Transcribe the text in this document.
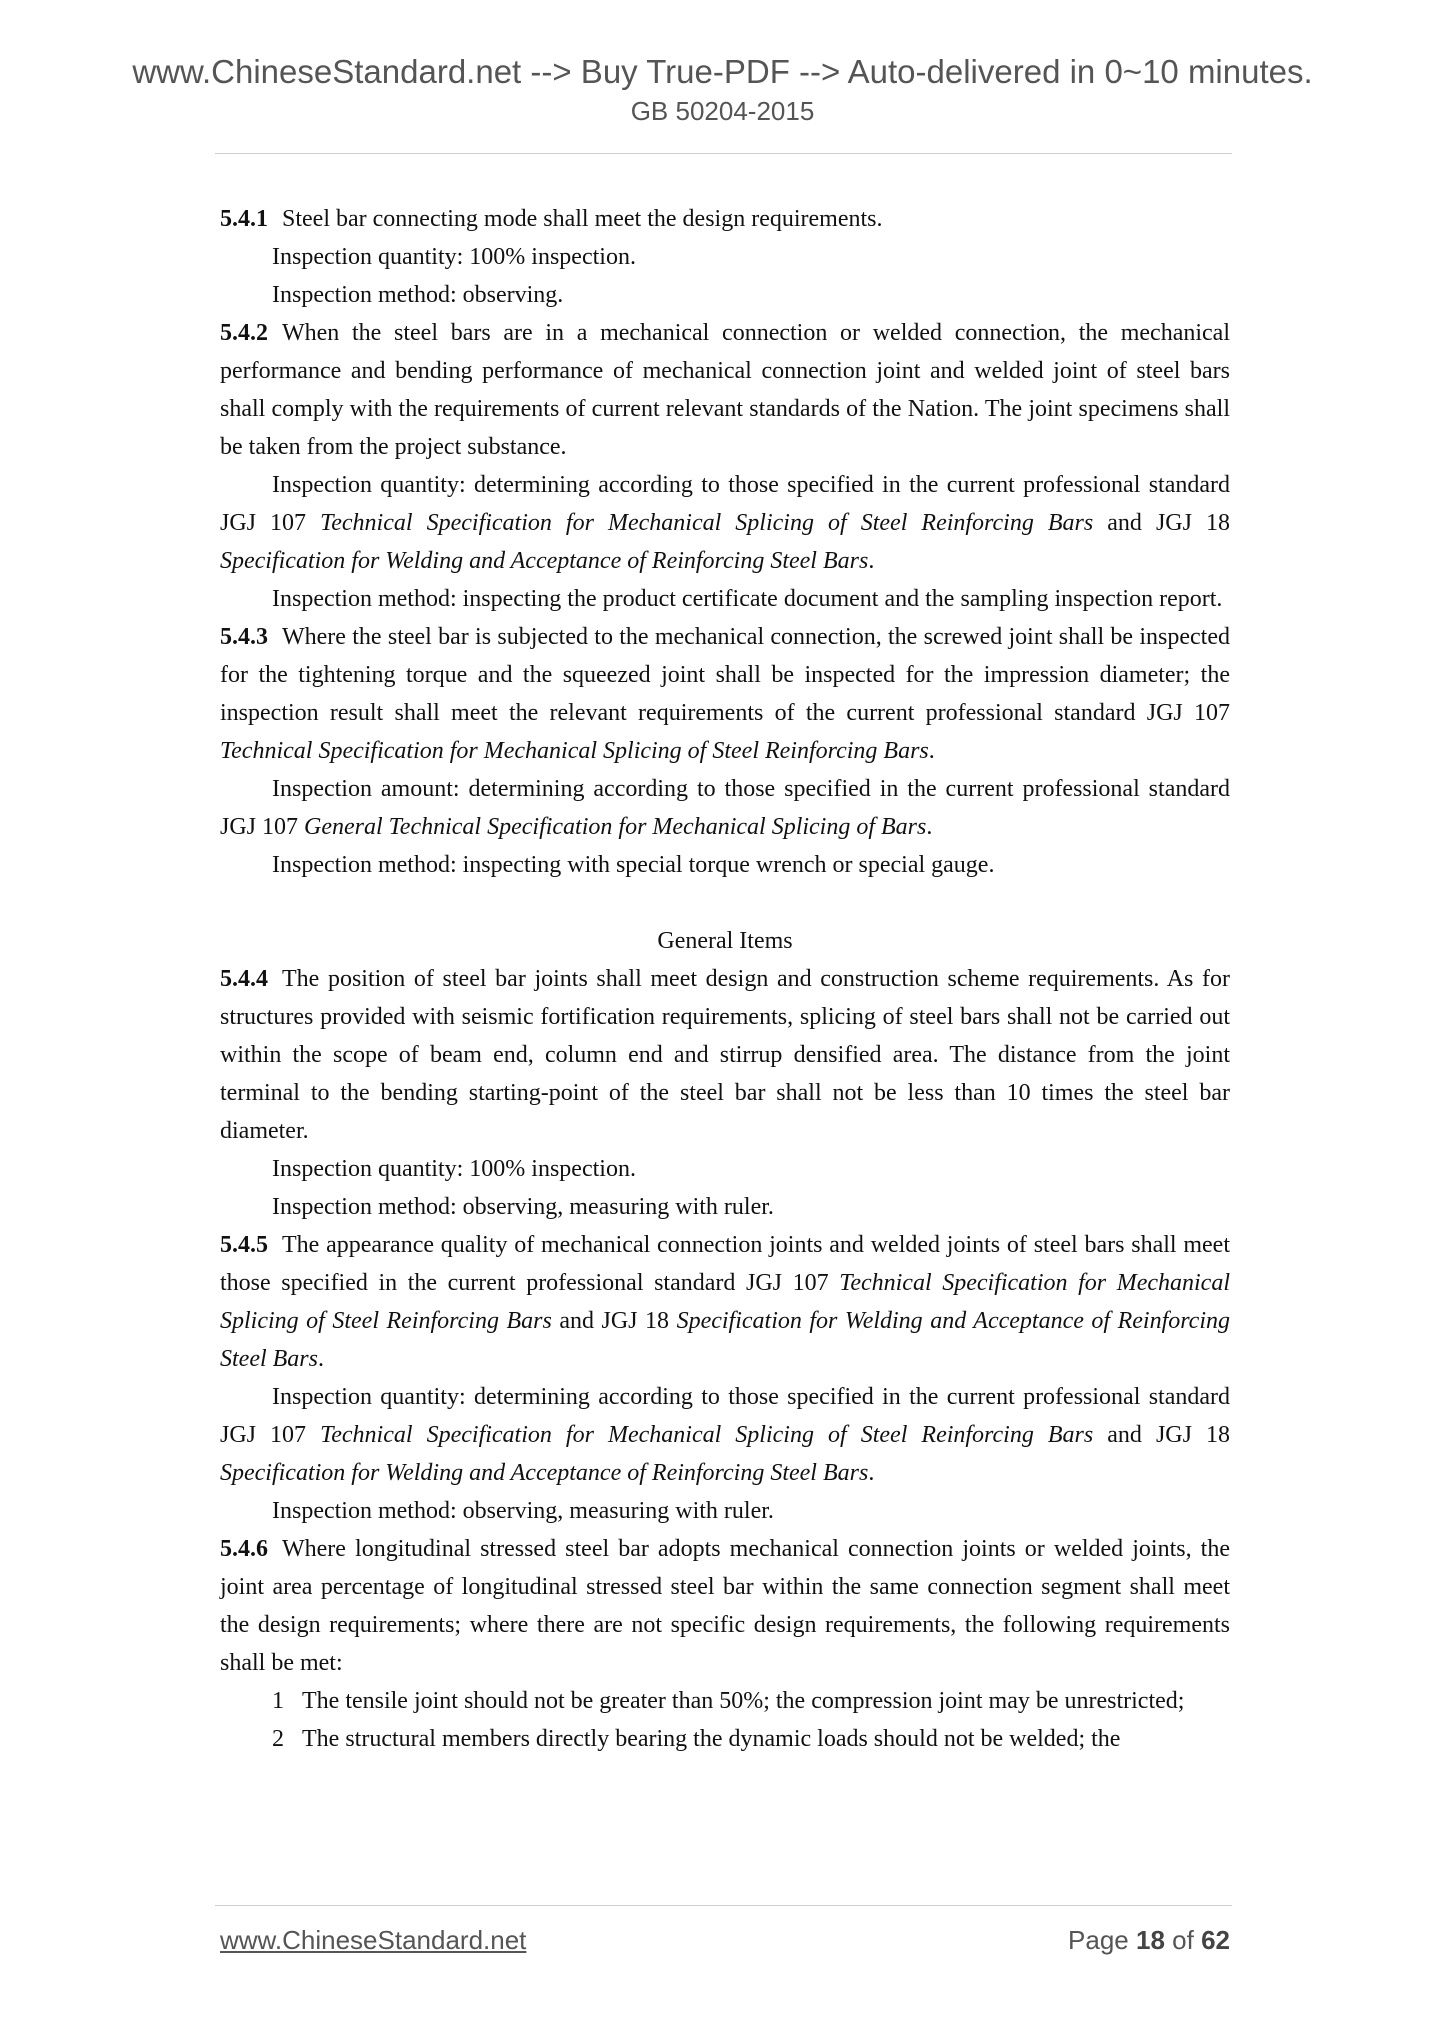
www.ChineseStandard.net --> Buy True-PDF --> Auto-delivered in 0~10 minutes.
GB 50204-2015

5.4.1 Steel bar connecting mode shall meet the design requirements.

Inspection quantity: 100% inspection.

Inspection method: observing.

5.4.2 When the steel bars are in a mechanical connection or welded connection, the mechanical performance and bending performance of mechanical connection joint and welded joint of steel bars shall comply with the requirements of current relevant standards of the Nation. The joint specimens shall be taken from the project substance.

Inspection quantity: determining according to those specified in the current professional standard JGJ 107 Technical Specification for Mechanical Splicing of Steel Reinforcing Bars and JGJ 18 Specification for Welding and Acceptance of Reinforcing Steel Bars.

Inspection method: inspecting the product certificate document and the sampling inspection report.

5.4.3 Where the steel bar is subjected to the mechanical connection, the screwed joint shall be inspected for the tightening torque and the squeezed joint shall be inspected for the impression diameter; the inspection result shall meet the relevant requirements of the current professional standard JGJ 107 Technical Specification for Mechanical Splicing of Steel Reinforcing Bars.

Inspection amount: determining according to those specified in the current professional standard JGJ 107 General Technical Specification for Mechanical Splicing of Bars.

Inspection method: inspecting with special torque wrench or special gauge.

General Items

5.4.4 The position of steel bar joints shall meet design and construction scheme requirements. As for structures provided with seismic fortification requirements, splicing of steel bars shall not be carried out within the scope of beam end, column end and stirrup densified area. The distance from the joint terminal to the bending starting-point of the steel bar shall not be less than 10 times the steel bar diameter.

Inspection quantity: 100% inspection.

Inspection method: observing, measuring with ruler.

5.4.5 The appearance quality of mechanical connection joints and welded joints of steel bars shall meet those specified in the current professional standard JGJ 107 Technical Specification for Mechanical Splicing of Steel Reinforcing Bars and JGJ 18 Specification for Welding and Acceptance of Reinforcing Steel Bars.

Inspection quantity: determining according to those specified in the current professional standard JGJ 107 Technical Specification for Mechanical Splicing of Steel Reinforcing Bars and JGJ 18 Specification for Welding and Acceptance of Reinforcing Steel Bars.

Inspection method: observing, measuring with ruler.

5.4.6 Where longitudinal stressed steel bar adopts mechanical connection joints or welded joints, the joint area percentage of longitudinal stressed steel bar within the same connection segment shall meet the design requirements; where there are not specific design requirements, the following requirements shall be met:

1 The tensile joint should not be greater than 50%; the compression joint may be unrestricted;

2 The structural members directly bearing the dynamic loads should not be welded; the

www.ChineseStandard.net	Page 18 of 62
